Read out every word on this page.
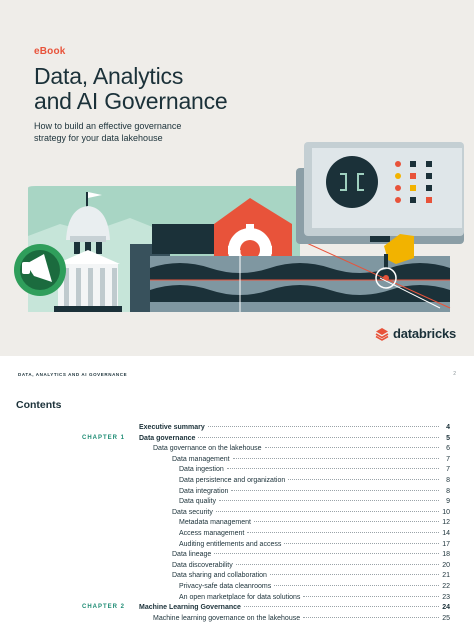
eBook
Data, Analytics
and AI Governance
How to build an effective governance
strategy for your data lakehouse
databricks
DATA, ANALYTICS AND AI GOVERNANCE	2
Contents
Executive summary	4
CHAPTER 1 Data governance	5
Data governance on the lakehouse	6
Data management	7
Data ingestion	7
Data persistence and organization	8
Data integration	8
Data quality	9
Data security	10
Metadata management	12
Access management	14
Auditing entitlements and access	17
Data lineage	18
Data discoverability	20
Data sharing and collaboration	21
Privacy-safe data cleanrooms	22
An open marketplace for data solutions	23
CHAPTER 2 Machine Learning Governance	24
Machine learning governance on the lakehouse	25
